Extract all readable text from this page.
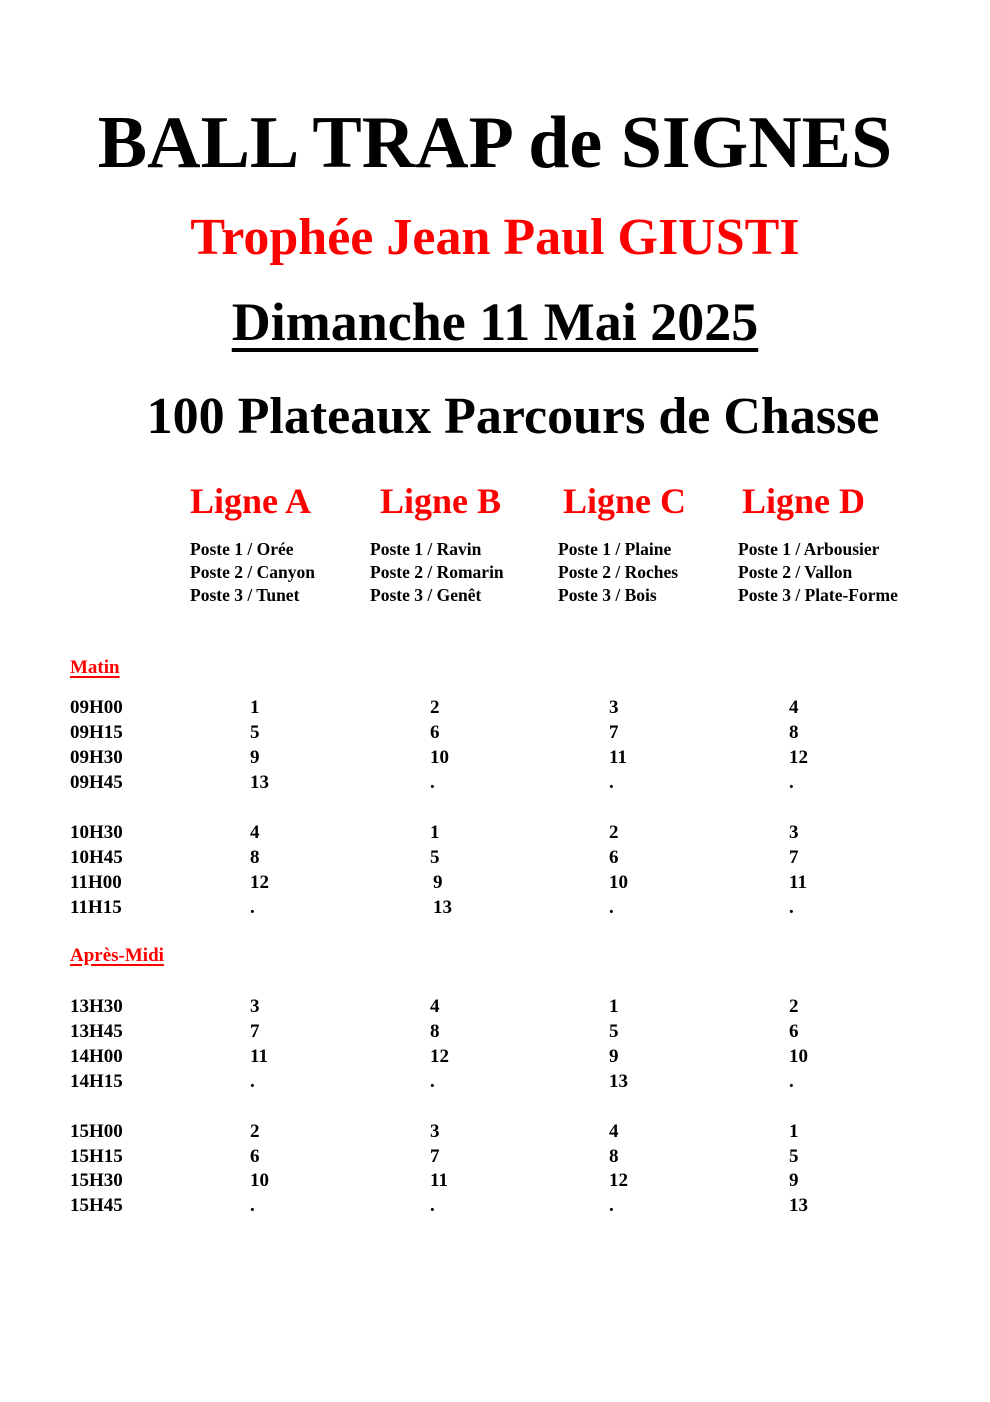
BALL TRAP de SIGNES
Trophée Jean Paul GIUSTI
Dimanche 11 Mai 2025
100 Plateaux Parcours de Chasse
Ligne A Ligne B Ligne C Ligne D
Poste 1 / Orée
Poste 2 / Canyon
Poste 3 / Tunet
Poste 1 / Ravin
Poste 2 / Romarin
Poste 3 / Genêt
Poste 1 / Plaine
Poste 2 / Roches
Poste 3 / Bois
Poste 1 / Arbousier
Poste 2 / Vallon
Poste 3 / Plate-Forme
Matin
Après-Midi
09H00	1	2	3	4
09H15	5	6	7	8
09H30	9	10	11	12
09H45	13	.	.	.
10H30	4	1	2	3
10H45	8	5	6	7
11H00	12	9	10	11
11H15	.	13	.	.
13H30	3	4	1	2
13H45	7	8	5	6
14H00	11	12	9	10
14H15	.	.	13	.
15H00	2	3	4	1
15H15	6	7	8	5
15H30	10	11	12	9
15H45	.	.	.	13
